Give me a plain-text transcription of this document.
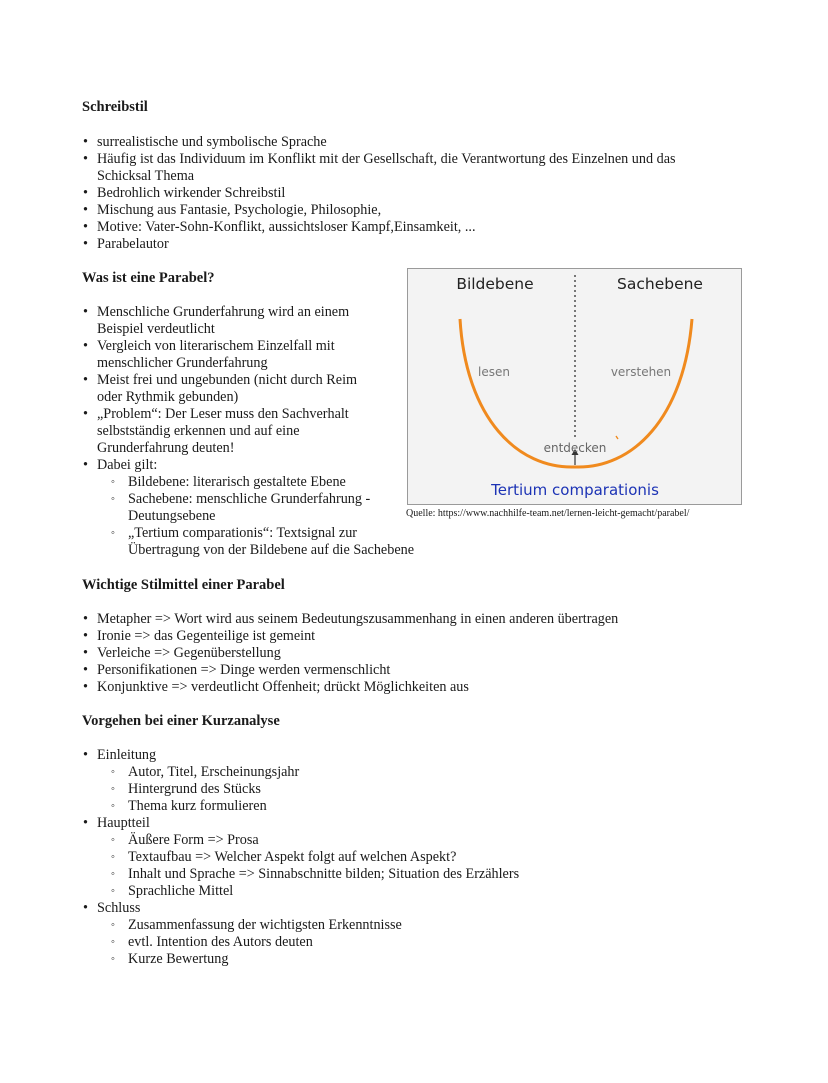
Schreibstil
• surrealistische und symbolische Sprache
• Häufig ist das Individuum im Konflikt mit der Gesellschaft, die Verantwortung des Einzelnen und das Schicksal Thema
• Bedrohlich wirkender Schreibstil
• Mischung aus Fantasie, Psychologie, Philosophie,
• Motive: Vater-Sohn-Konflikt, aussichtsloser Kampf,Einsamkeit, ...
• Parabelautor
Was ist eine Parabel?
• Menschliche Grunderfahrung wird an einem Beispiel verdeutlicht
• Vergleich von literarischem Einzelfall mit menschlicher Grunderfahrung
• Meist frei und ungebunden (nicht durch Reim oder Rythmik gebunden)
• „Problem“: Der Leser muss den Sachverhalt selbstständig erkennen und auf eine Grunderfahrung deuten!
• Dabei gilt:
◦ Bildebene: literarisch gestaltete Ebene
◦ Sachebene: menschliche Grunderfahrung - Deutungsebene
◦ „Tertium comparationis“: Textsignal zur Übertragung von der Bildebene auf die Sachebene
Bildebene	Sachebene
lesen	verstehen
entdecken
Tertium comparationis
Quelle: https://www.nachhilfe-team.net/lernen-leicht-gemacht/parabel/
Wichtige Stilmittel einer Parabel
• Metapher => Wort wird aus seinem Bedeutungszusammenhang in einen anderen übertragen
• Ironie => das Gegenteilige ist gemeint
• Verleiche => Gegenüberstellung
• Personifikationen => Dinge werden vermenschlicht
• Konjunktive => verdeutlicht Offenheit; drückt Möglichkeiten aus
Vorgehen bei einer Kurzanalyse
• Einleitung
◦ Autor, Titel, Erscheinungsjahr
◦ Hintergrund des Stücks
◦ Thema kurz formulieren
• Hauptteil
◦ Äußere Form => Prosa
◦ Textaufbau => Welcher Aspekt folgt auf welchen Aspekt?
◦ Inhalt und Sprache => Sinnabschnitte bilden; Situation des Erzählers
◦ Sprachliche Mittel
• Schluss
◦ Zusammenfassung der wichtigsten Erkenntnisse
◦ evtl. Intention des Autors deuten
◦ Kurze Bewertung
